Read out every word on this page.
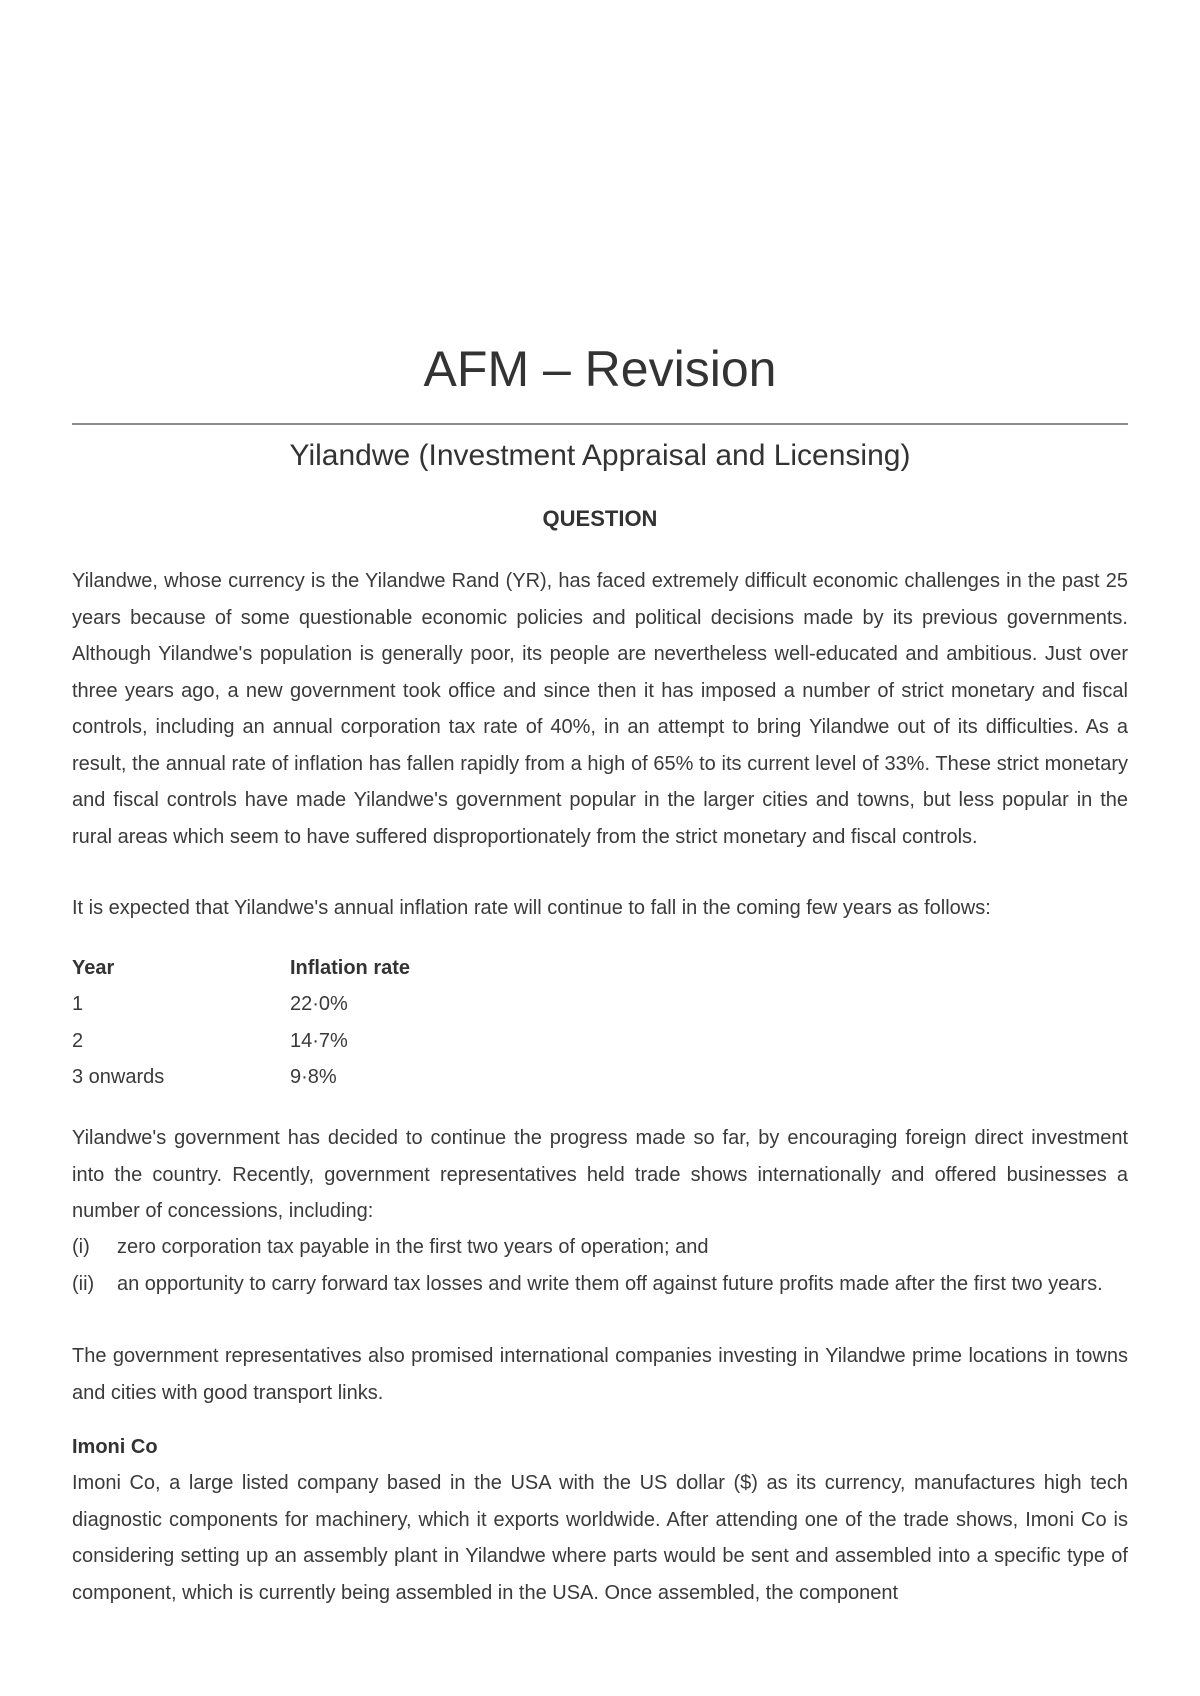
AFM – Revision
Yilandwe (Investment Appraisal and Licensing)
QUESTION

Yilandwe, whose currency is the Yilandwe Rand (YR), has faced extremely difficult economic challenges in the past 25 years because of some questionable economic policies and political decisions made by its previous governments. Although Yilandwe's population is generally poor, its people are nevertheless well-educated and ambitious. Just over three years ago, a new government took office and since then it has imposed a number of strict monetary and fiscal controls, including an annual corporation tax rate of 40%, in an attempt to bring Yilandwe out of its difficulties. As a result, the annual rate of inflation has fallen rapidly from a high of 65% to its current level of 33%. These strict monetary and fiscal controls have made Yilandwe's government popular in the larger cities and towns, but less popular in the rural areas which seem to have suffered disproportionately from the strict monetary and fiscal controls.

It is expected that Yilandwe's annual inflation rate will continue to fall in the coming few years as follows:

Year	Inflation rate
1	22·0%
2	14·7%
3 onwards	9·8%

Yilandwe's government has decided to continue the progress made so far, by encouraging foreign direct investment into the country. Recently, government representatives held trade shows internationally and offered businesses a number of concessions, including:

(i)	zero corporation tax payable in the first two years of operation; and
(ii)	an opportunity to carry forward tax losses and write them off against future profits made after the first two years.

The government representatives also promised international companies investing in Yilandwe prime locations in towns and cities with good transport links.

Imoni Co

Imoni Co, a large listed company based in the USA with the US dollar ($) as its currency, manufactures high tech diagnostic components for machinery, which it exports worldwide. After attending one of the trade shows, Imoni Co is considering setting up an assembly plant in Yilandwe where parts would be sent and assembled into a specific type of component, which is currently being assembled in the USA. Once assembled, the component
